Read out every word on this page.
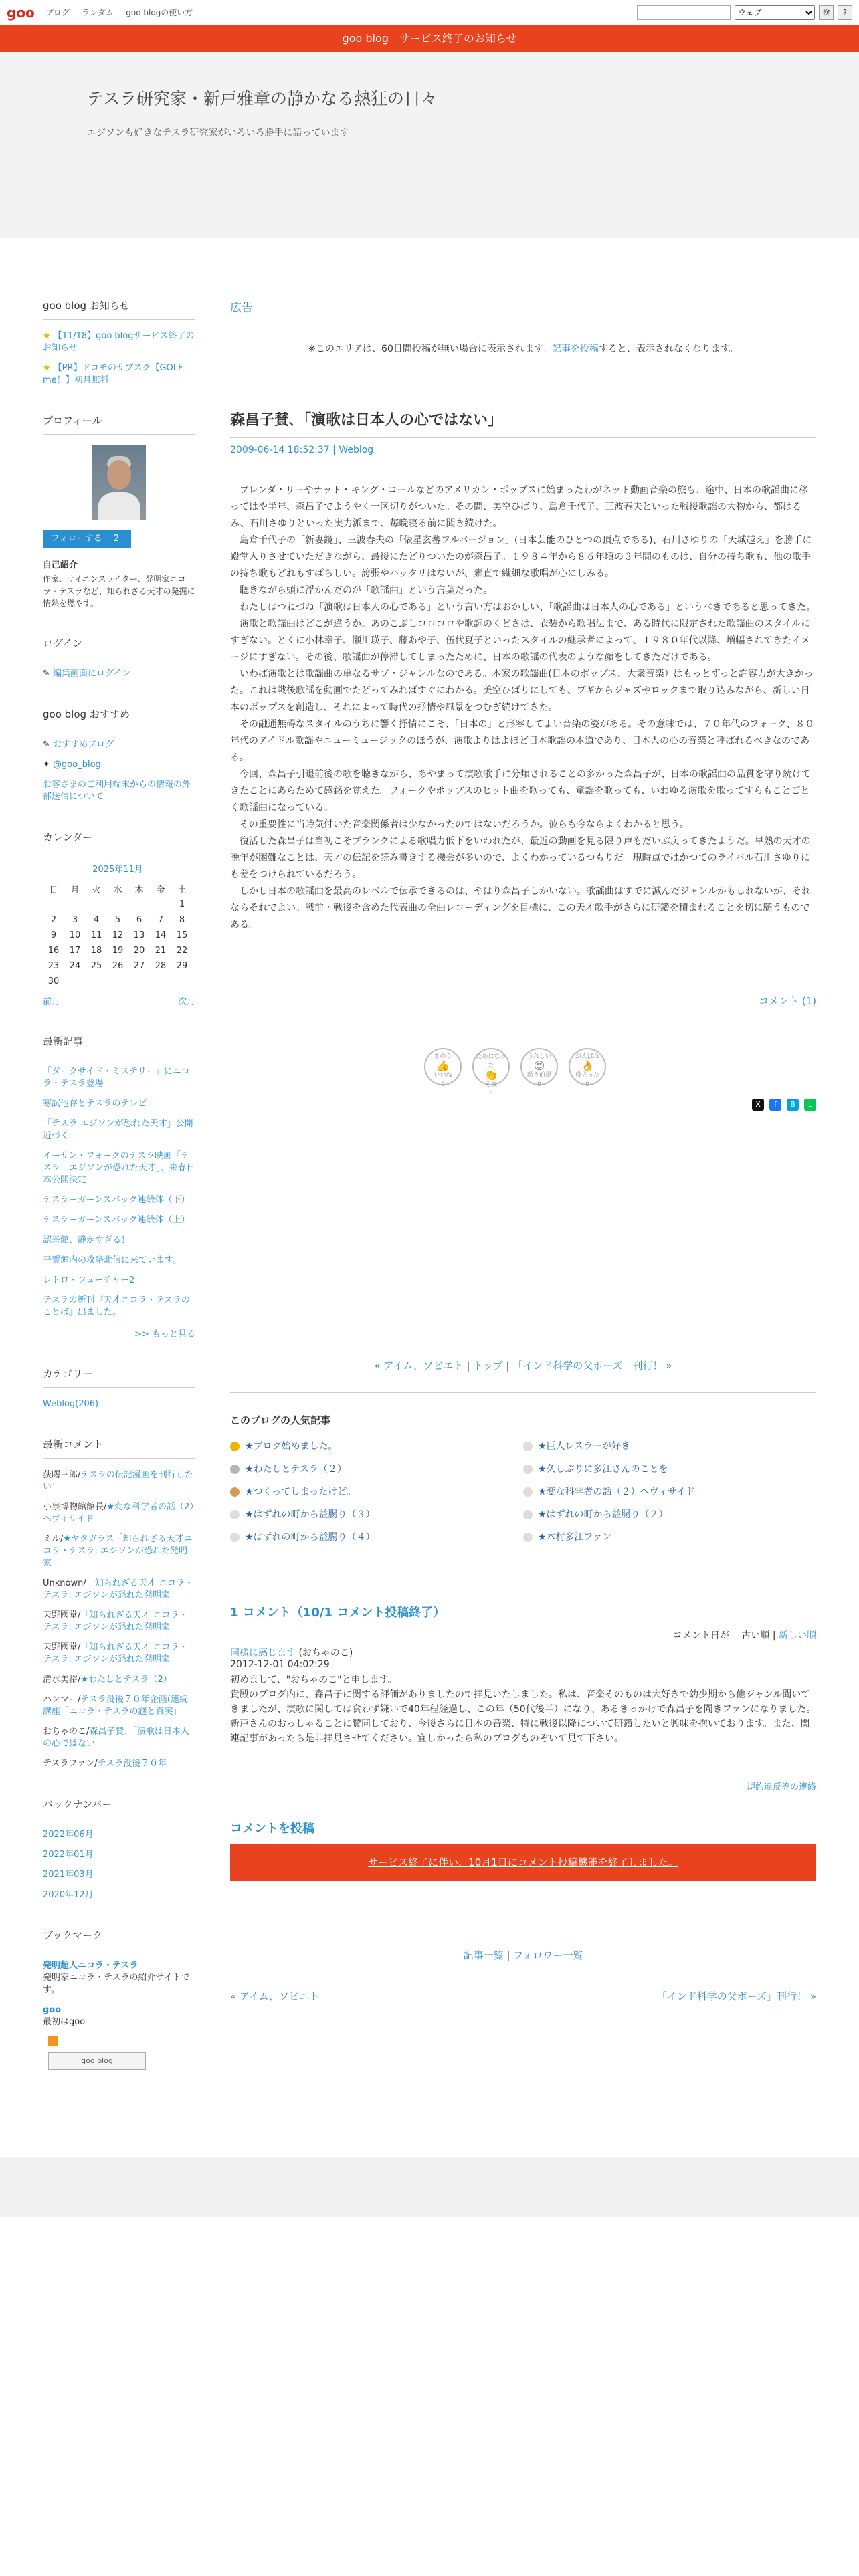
goo ブログ ランダム goo blogの使い方
ウェブ	検	?
goo blog　サービス終了のお知らせ
テスラ研究家・新戸雅章の静かなる熱狂の日々

エジソンも好きなテスラ研究家がいろいろ勝手に語っています。

goo blog お知らせ
★ 【11/18】goo blogサービス終了のお知らせ
★ 【PR】ドコモのサブスク【GOLF me！】初月無料
プロフィール
フォローする　 2
自己紹介
作家、サイエンスライター、発明家ニコラ・テスラなど、知られざる天才の発掘に情熱を燃やす。
ログイン
✎ 編集画面にログイン
goo blog おすすめ
✎ おすすめブログ
✦ @goo_blog
お客さまのご利用端末からの情報の外部送信について
カレンダー
2025年11月
日	月	火	水	木	金	土
						1
2	3	4	5	6	7	8
9	10	11	12	13	14	15
16	17	18	19	20	21	22
23	24	25	26	27	28	29
30						
前月	次月
最新記事
「ダークサイド・ミステリー」にニコラ・テスラ登場
寒試他存とテスラのテレビ
「テスラ エジソンが恐れた天才」公開近づく
イーサン・フォークのテスラ映画「テスラ　エジソンが恐れた天才」、来春日本公開決定
テスラーガーンズバック連続体（下）
テスラーガーンズバック連続体（上）
認書館、静かすぎる！
平賀源内の攻略北信に来ています。
レトロ・フューチャー2
テスラの新刊『天才ニコラ・テスラのことば』出ました。
>> もっと見る
カテゴリー
Weblog(206)
最新コメント
荻曙三郎/テスラの伝記漫画を刊行したい！
小泉博物館館長/★変な科学者の話（2）ヘヴィサイド
ミル/★ヤタガラス「知られざる天才ニコラ・テスラ: エジソンが恐れた発明家
Unknown/「知られざる天才 ニコラ・テスラ: エジソンが恐れた発明家
天野國堂/「知られざる天才 ニコラ・テスラ: エジソンが恐れた発明家
天野國堂/「知られざる天才 ニコラ・テスラ: エジソンが恐れた発明家
清水美裕/★わたしとテスラ（2）
ハンマー/テスラ没後７０年企画(連続講座「ニコラ・テスラの謎と真実」
おちゃのこ/森昌子賛、「演歌は日本人の心ではない」
テスラファン/テスラ没後７０年
バックナンバー
2022年06月
2022年01月
2021年03月
2020年12月
ブックマーク
発明超人ニコラ・テスラ
発明家ニコラ・テスラの紹介サイトです。
goo
最初はgoo
goo blog
広告
※このエリアは、60日間投稿が無い場合に表示されます。記事を投稿すると、表示されなくなります。
森昌子賛､「演歌は日本人の心ではない」
2009-06-14 18:52:37 | Weblog
　ブレンダ・リーやナット・キング・コールなどのアメリカン・ポップスに始まったわがネット動画音楽の旅も、途中、日本の歌謡曲に移ってはや半年、森昌子でようやく一区切りがついた。その間、美空ひばり、島倉千代子、三波春夫といった戦後歌謡の大物から、都はるみ、石川さゆりといった実力派まで、毎晩寝る前に聞き続けた。
　島倉千代子の「新妻鏡」、三波春夫の「俵星玄蕃フルバージョン」(日本芸能のひとつの頂点である)、石川さゆりの「天城越え」を勝手に殿堂入りさせていただきながら、最後にたどりついたのが森昌子。１９８４年から８６年頃の３年間のものは、自分の持ち歌も、他の歌手の持ち歌もどれもすばらしい。誇張やハッタリはないが、素直で繊細な歌唱が心にしみる。
　聴きながら頭に浮かんだのが「歌謡曲」という言葉だった。
　わたしはつねづね「演歌は日本人の心である」という言い方はおかしい、「歌謡曲は日本人の心である」というべきであると思ってきた。
　演歌と歌謡曲はどこが違うか。あのこぶしコロコロや歌詞のくどさは、衣装から歌唱法まで、ある時代に限定された歌謡曲のスタイルにすぎない。とくに小林幸子、瀬川瑛子、藤あや子、伍代夏子といったスタイルの継承者によって、１９８０年代以降、増幅されてきたイメージにすぎない。その後、歌謡曲が停滞してしまったために、日本の歌謡の代表のような顔をしてきただけである。
　いわば演歌とは歌謡曲の単なるサブ・ジャンルなのである。本家の歌謡曲(日本のポップス、大衆音楽）はもっとずっと許容力が大きかった。これは戦後歌謡を動画でたどってみればすぐにわかる。美空ひばりにしても、ブギからジャズやロックまで取り込みながら、新しい日本のポップスを創造し、それによって時代の抒情や風景をつむぎ続けてきた。
　その融通無碍なスタイルのうちに響く抒情にこそ、「日本の」と形容してよい音楽の姿がある。その意味では、７０年代のフォーク、８０年代のアイドル歌謡やニューミュージックのほうが、演歌よりはよほど日本歌謡の本道であり、日本人の心の音楽と呼ばれるべきなのである。
　今回、森昌子引退前後の歌を聴きながら、あやまって演歌歌手に分類されることの多かった森昌子が、日本の歌謡曲の品質を守り続けてきたことにあらためて感銘を覚えた。フォークやポップスのヒット曲を歌っても、童謡を歌っても、いわゆる演歌を歌ってすらもことごとく歌謡曲になっている。
　その重要性に当時気付いた音楽関係者は少なかったのではないだろうか。彼らも今ならよくわかると思う。
　復活した森昌子は当初こそブランクによる歌唱力低下をいわれたが、最近の動画を見る限り声もだいぶ戻ってきたようだ。早熟の天才の晩年が困難なことは、天才の伝記を読み書きする機会が多いので、よくわかっているつもりだ。現時点ではかつてのライバル石川さゆりにも差をつけられているだろう。
　しかし日本の歌謡曲を最高のレベルで伝承できるのは、やはり森昌子しかいない。歌謡曲はすでに滅んだジャンルかもしれないが、それならそれでよい。戦前・戦後を含めた代表曲の全曲レコーディングを目標に、この天才歌手がさらに研鑽を積まれることを切に願うものである。
コメント (1)
きのう
👍
いいね
0
ためになった
👏
応援
0
うれしい
😍
願う前提
0
がんばれ
👌
役立った
0
X	f	B	L
« アイム、ソビエト | トップ | 「インド科学の父ボーズ」刊行！ »
このブログの人気記事
★ブログ始めました。	★巨人レスラーが好き
★わたしとテスラ（２）	★久しぶりに多江さんのことを
★つくってしまったけど。	★変な科学者の話（２）ヘヴィサイド
★はずれの町から益腸り（３）	★はずれの町から益腸り（２）
★はずれの町から益腸り（４）	★木村多江ファン
1 コメント（10/1 コメント投稿終了）
コメント日が　 古い順 | 新しい順
同様に感じます (おちゃのこ)
2012-12-01 04:02:29
初めまして、"おちゃのこ"と申します。
貴殿のブログ内に、森昌子に関する評価がありましたので拝見いたしました。私は、音楽そのものは大好きで幼少期から他ジャンル聞いてきましたが、演歌に関しては食わず嫌いで40年程経過し、この年（50代後半）になり、あるきっかけで森昌子を聞きファンになりました。新戸さんのおっしゃることに賛同しており、今後さらに日本の音楽、特に戦後以降について研鑽したいと興味を抱いております。また、関連記事があったら是非拝見させてください。宜しかったら私のブログものぞいて見て下さい。
規約違反等の連絡
コメントを投稿
サービス終了に伴い、10月1日にコメント投稿機能を終了しました。
記事一覧 | フォロワー一覧
« アイム、ソビエト	「インド科学の父ボーズ」刊行！ »
